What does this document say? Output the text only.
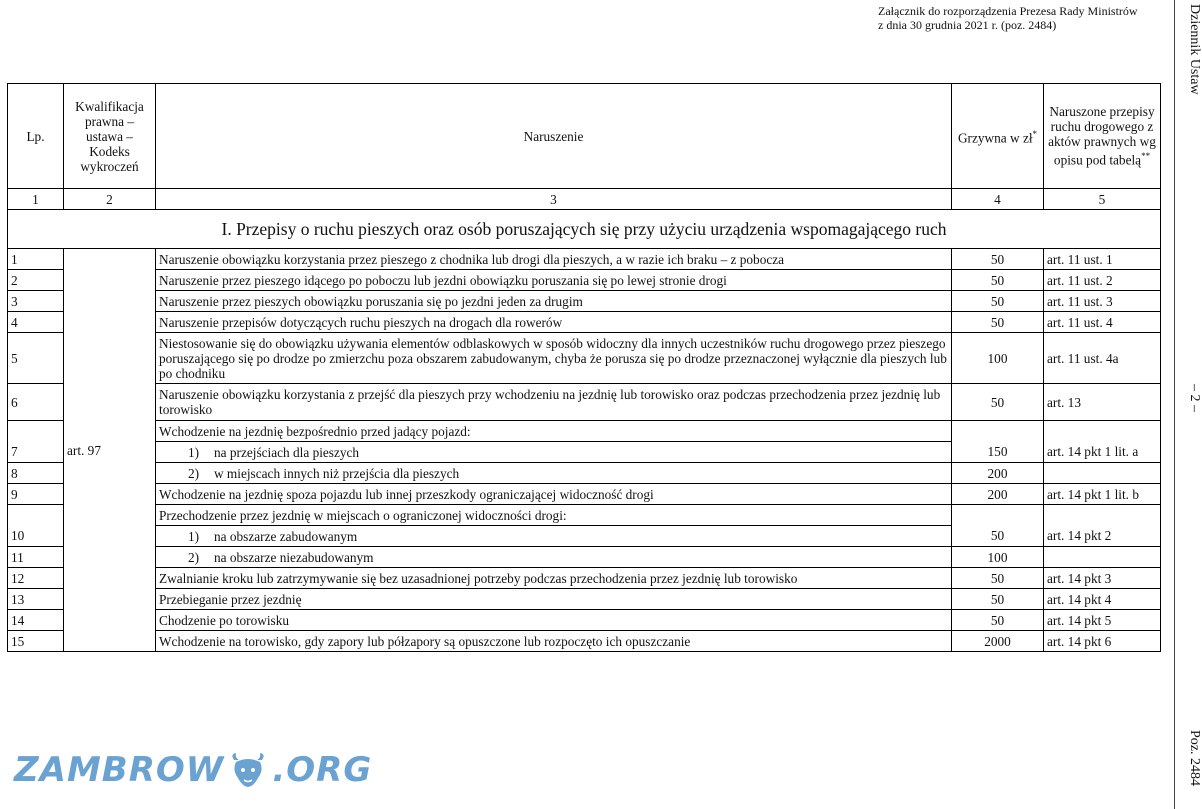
Załącznik do rozporządzenia Prezesa Rady Ministrów
z dnia 30 grudnia 2021 r. (poz. 2484)	Dziennik Ustaw
– 2 –
Poz. 2484
Lp.	Kwalifikacja prawna – ustawa – Kodeks wykroczeń	Naruszenie	Grzywna w zł*	Naruszone przepisy ruchu drogowego z aktów prawnych wg opisu pod tabelą**
1	2	3	4	5
I. Przepisy o ruchu pieszych oraz osób poruszających się przy użyciu urządzenia wspomagającego ruch				
1	art. 97	Naruszenie obowiązku korzystania przez pieszego z chodnika lub drogi dla pieszych, a w razie ich braku – z pobocza	50	art. 11 ust. 1
2		Naruszenie przez pieszego idącego po poboczu lub jezdni obowiązku poruszania się po lewej stronie drogi	50	art. 11 ust. 2
3		Naruszenie przez pieszych obowiązku poruszania się po jezdni jeden za drugim	50	art. 11 ust. 3
4		Naruszenie przepisów dotyczących ruchu pieszych na drogach dla rowerów	50	art. 11 ust. 4
5		Niestosowanie się do obowiązku używania elementów odblaskowych w sposób widoczny dla innych uczestników ruchu drogowego przez pieszego poruszającego się po drodze po zmierzchu poza obszarem zabudowanym, chyba że porusza się po drodze przeznaczonej wyłącznie dla pieszych lub po chodniku	100	art. 11 ust. 4a
6		Naruszenie obowiązku korzystania z przejść dla pieszych przy wchodzeniu na jezdnię lub torowisko oraz podczas przechodzenia przez jezdnię lub torowisko	50	art. 13
		Wchodzenie na jezdnię bezpośrednio przed jadący pojazd:		
7		1) na przejściach dla pieszych	150	art. 14 pkt 1 lit. a
8		2) w miejscach innych niż przejścia dla pieszych	200	
9		Wchodzenie na jezdnię spoza pojazdu lub innej przeszkody ograniczającej widoczność drogi	200	art. 14 pkt 1 lit. b
		Przechodzenie przez jezdnię w miejscach o ograniczonej widoczności drogi:		
10		1) na obszarze zabudowanym	50	art. 14 pkt 2
11		2) na obszarze niezabudowanym	100	
12		Zwalnianie kroku lub zatrzymywanie się bez uzasadnionej potrzeby podczas przechodzenia przez jezdnię lub torowisko	50	art. 14 pkt 3
13		Przebieganie przez jezdnię	50	art. 14 pkt 4
14		Chodzenie po torowisku	50	art. 14 pkt 5
15		Wchodzenie na torowisko, gdy zapory lub półzapory są opuszczone lub rozpoczęto ich opuszczanie	2000	art. 14 pkt 6
ZAMBROW .ORG
